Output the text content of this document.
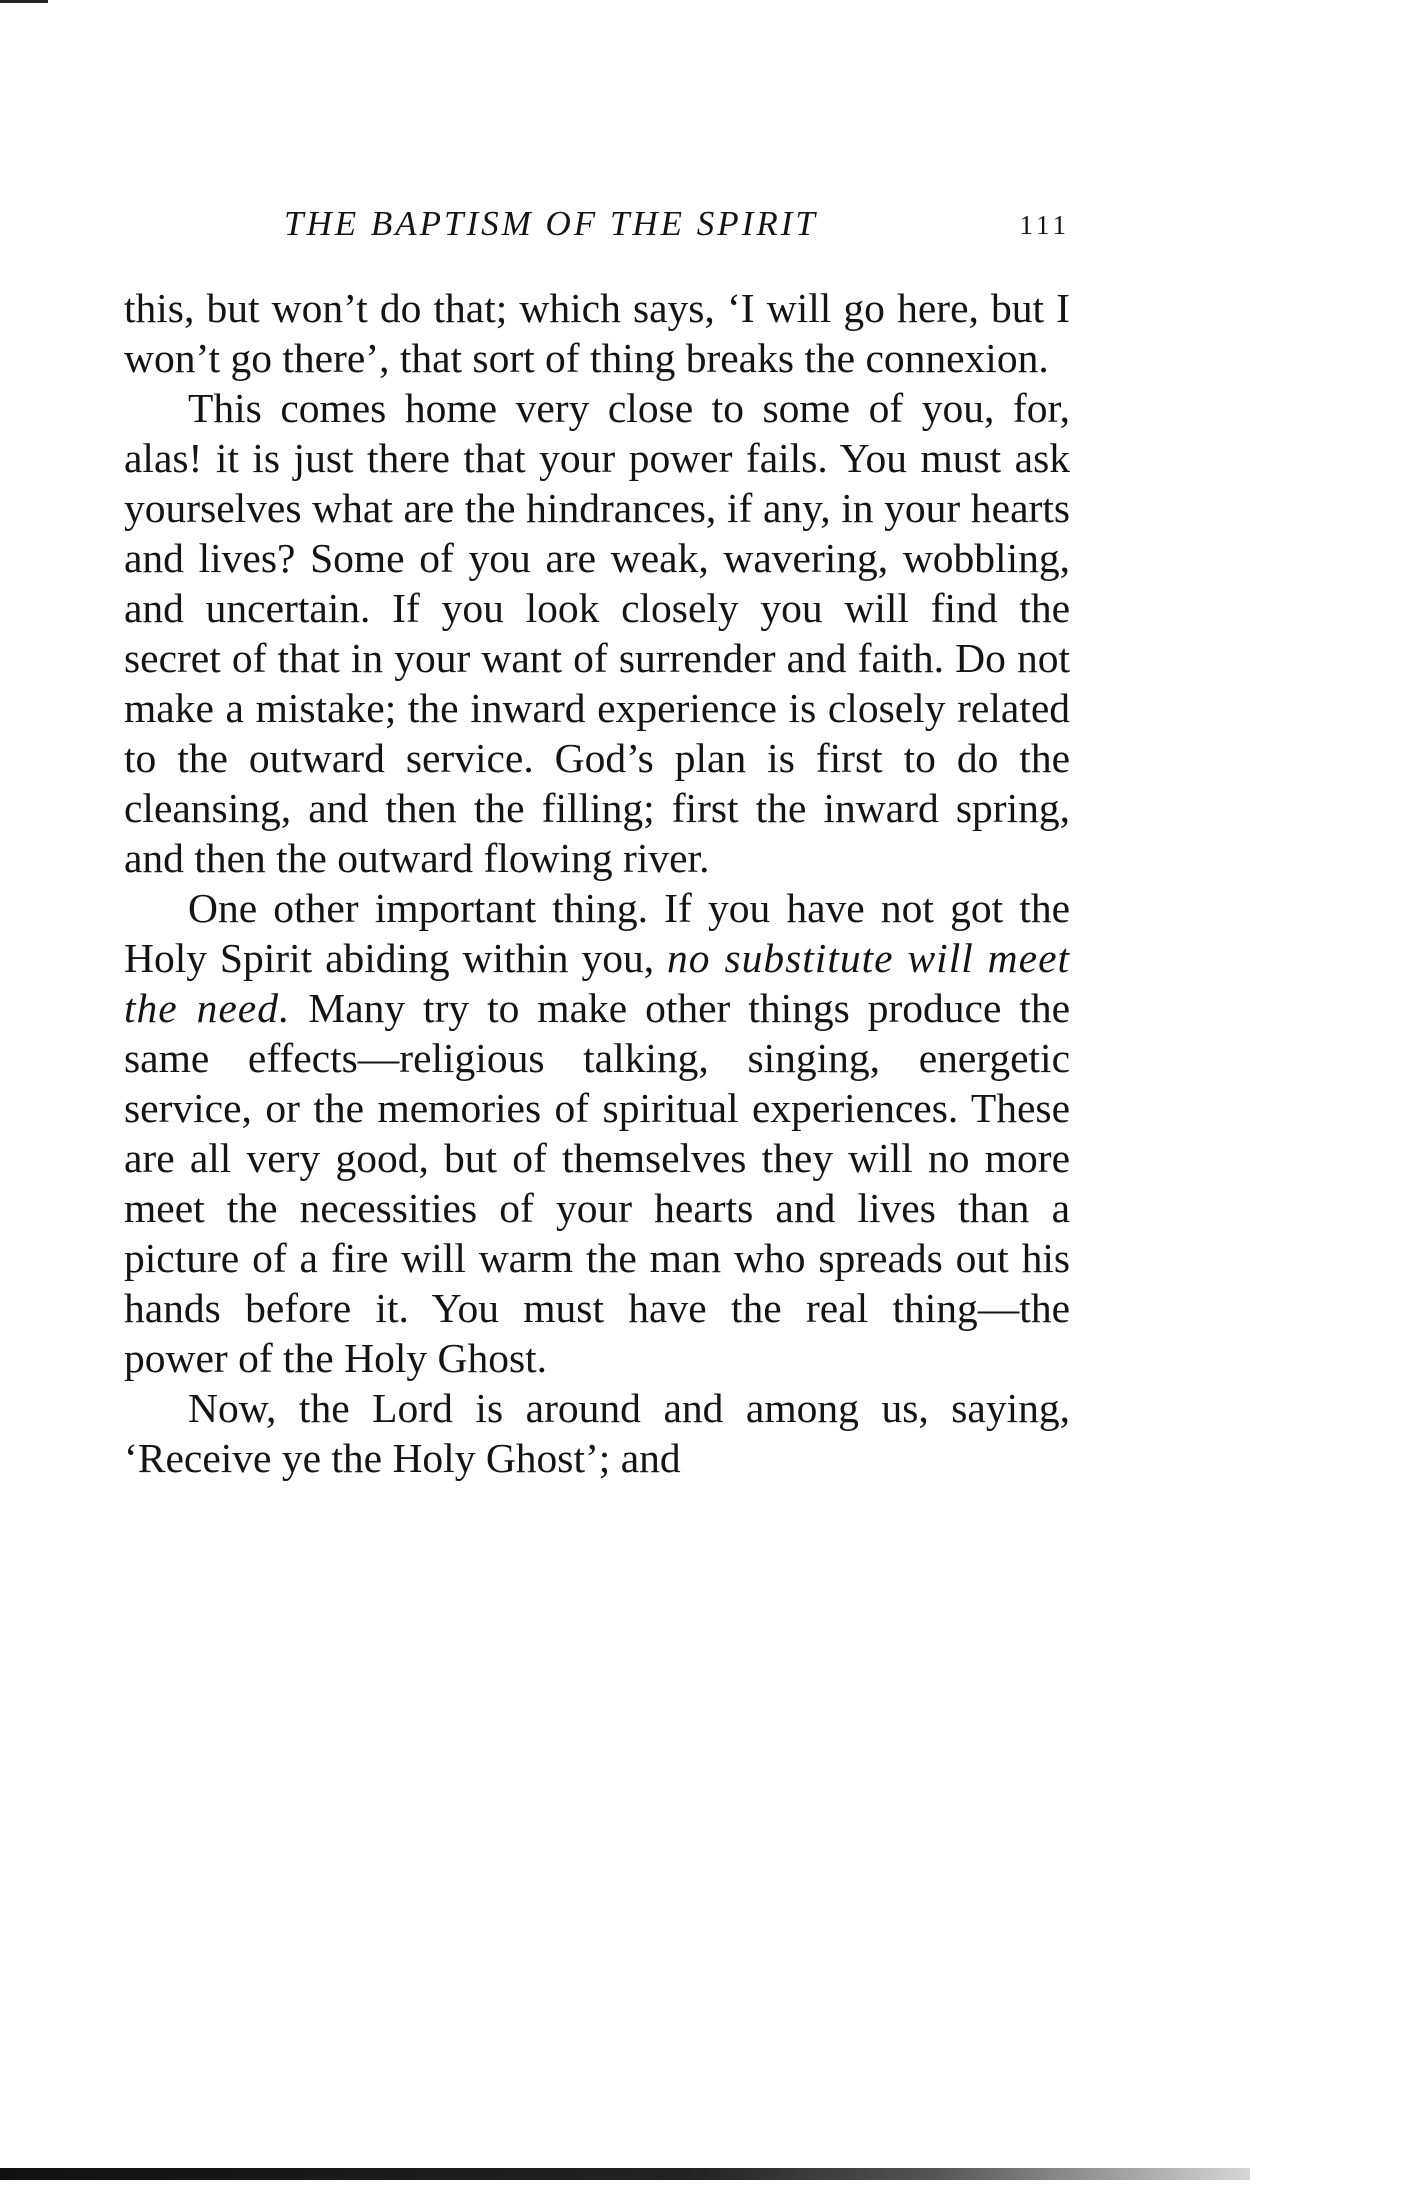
THE BAPTISM OF THE SPIRIT	111

this, but won’t do that; which says, ‘I will go here, but I won’t go there’, that sort of thing breaks the connexion.

This comes home very close to some of you, for, alas! it is just there that your power fails. You must ask yourselves what are the hindrances, if any, in your hearts and lives? Some of you are weak, wavering, wobbling, and uncertain. If you look closely you will find the secret of that in your want of surrender and faith. Do not make a mistake; the inward experience is closely related to the outward service. God’s plan is first to do the cleansing, and then the filling; first the inward spring, and then the outward flowing river.

One other important thing. If you have not got the Holy Spirit abiding within you, no substitute will meet the need. Many try to make other things produce the same effects—religious talking, singing, energetic service, or the memories of spiritual experiences. These are all very good, but of themselves they will no more meet the necessities of your hearts and lives than a picture of a fire will warm the man who spreads out his hands before it. You must have the real thing—the power of the Holy Ghost.

Now, the Lord is around and among us, saying, ‘Receive ye the Holy Ghost’; and
